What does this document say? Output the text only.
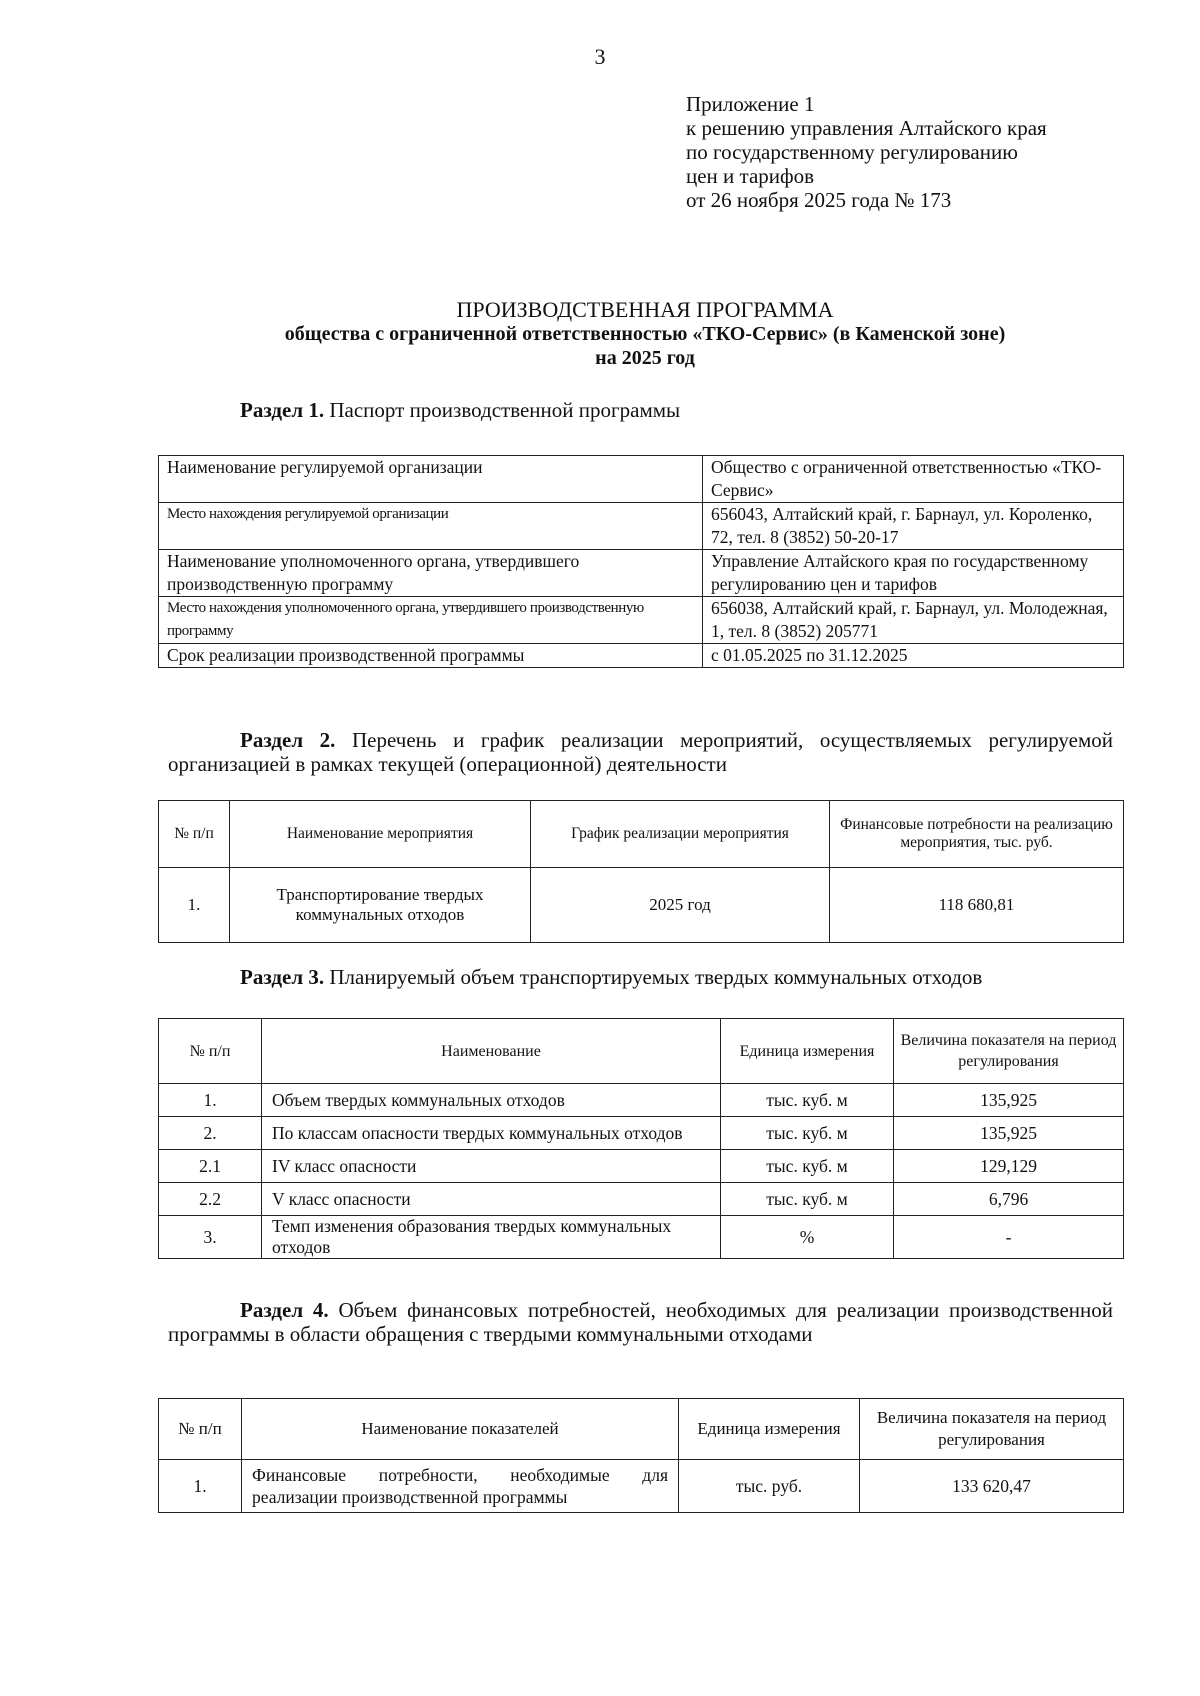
3
Приложение 1
к решению управления Алтайского края
по государственному регулированию
цен и тарифов
от 26 ноября 2025 года № 173
ПРОИЗВОДСТВЕННАЯ ПРОГРАММА
общества с ограниченной ответственностью «ТКО-Сервис» (в Каменской зоне)
на 2025 год
Раздел 1. Паспорт производственной программы
Наименование регулируемой организации	Общество с ограниченной ответственностью «ТКО-Сервис»
Место нахождения регулируемой организации	656043, Алтайский край, г. Барнаул, ул. Короленко, 72, тел. 8 (3852) 50-20-17
Наименование уполномоченного органа, утвердившего производственную программу	Управление Алтайского края по государственному регулированию цен и тарифов
Место нахождения уполномоченного органа, утвердившего производственную программу	656038, Алтайский край, г. Барнаул, ул. Молодежная, 1, тел. 8 (3852) 205771
Срок реализации производственной программы	с 01.05.2025 по 31.12.2025
Раздел 2. Перечень и график реализации мероприятий, осуществляемых регулируемой организацией в рамках текущей (операционной) деятельности
№ п/п	Наименование мероприятия	График реализации мероприятия	Финансовые потребности на реализацию мероприятия, тыс. руб.
1.	Транспортирование твердых коммунальных отходов	2025 год	118 680,81
Раздел 3. Планируемый объем транспортируемых твердых коммунальных отходов
№ п/п	Наименование	Единица измерения	Величина показателя на период регулирования
1.	Объем твердых коммунальных отходов	тыс. куб. м	135,925
2.	По классам опасности твердых коммунальных отходов	тыс. куб. м	135,925
2.1	IV класс опасности	тыс. куб. м	129,129
2.2	V класс опасности	тыс. куб. м	6,796
3.	Темп изменения образования твердых коммунальных отходов	%	-
Раздел 4. Объем финансовых потребностей, необходимых для реализации производственной программы в области обращения с твердыми коммунальными отходами
№ п/п	Наименование показателей	Единица измерения	Величина показателя на период регулирования
1.	Финансовые потребности, необходимые для реализации производственной программы	тыс. руб.	133 620,47
